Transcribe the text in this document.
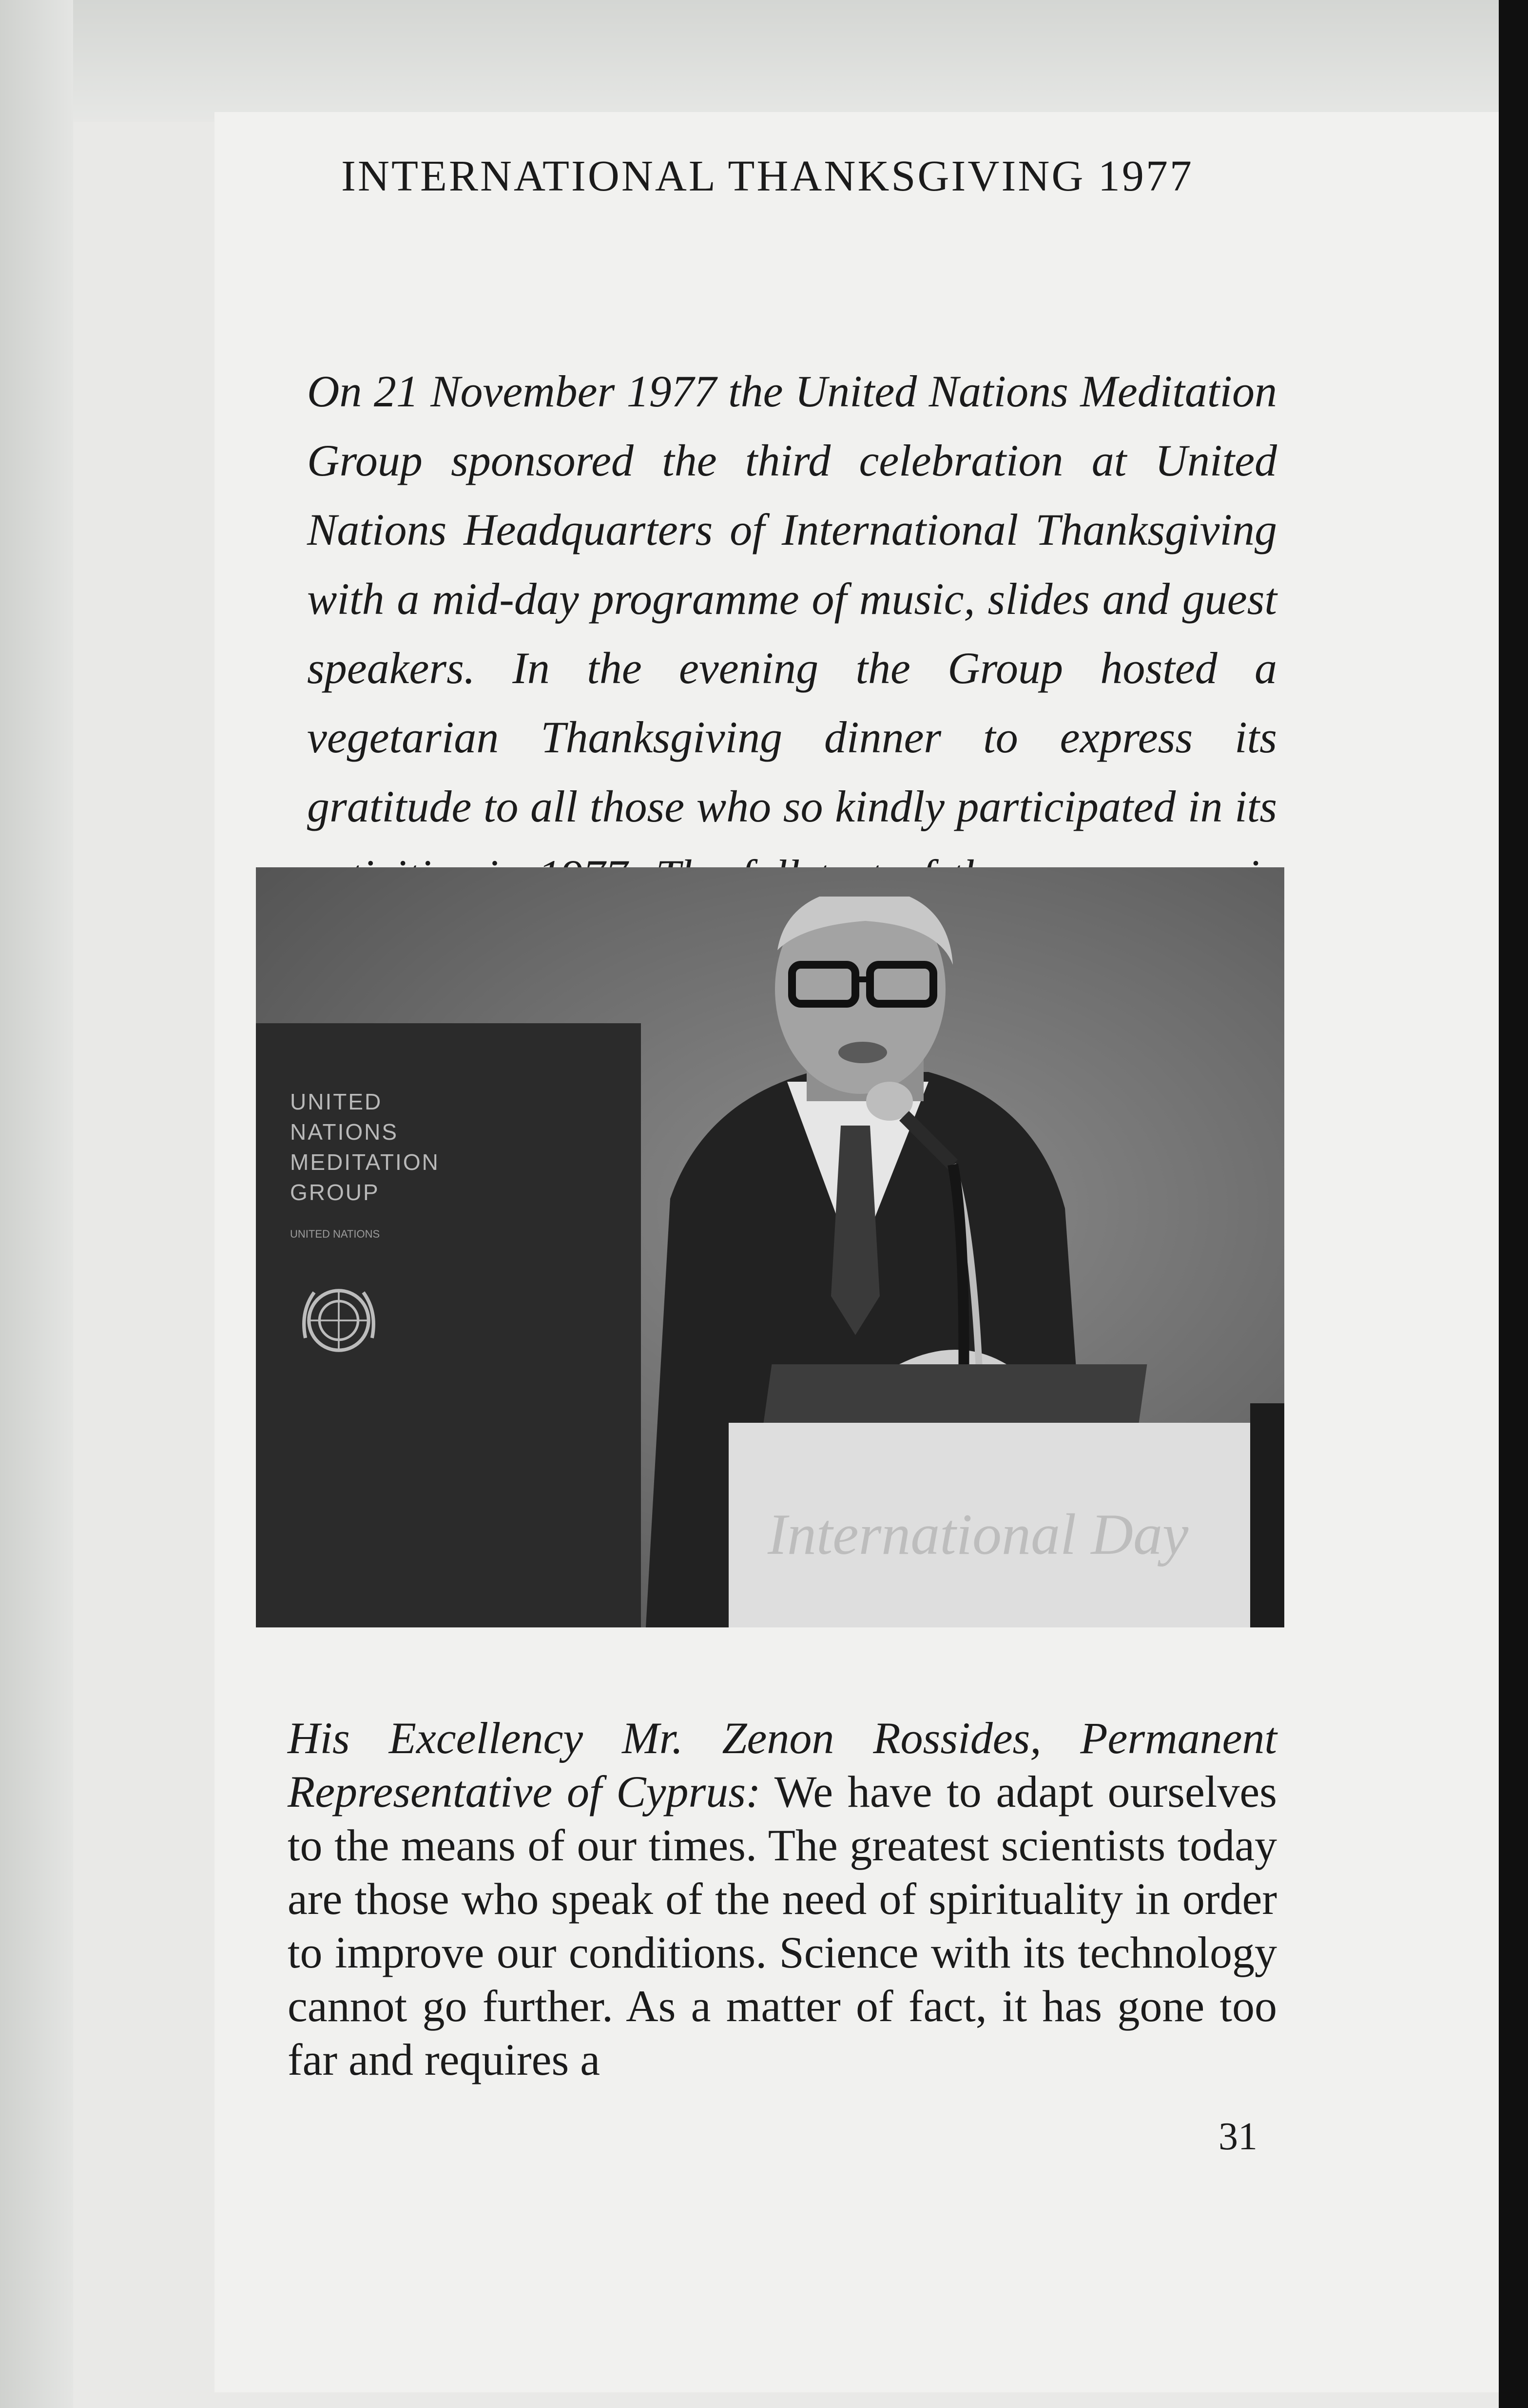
INTERNATIONAL THANKSGIVING 1977

On 21 November 1977 the United Nations Meditation Group sponsored the third celebration at United Nations Headquarters of International Thanksgiving with a mid-day programme of music, slides and guest speakers. In the evening the Group hosted a vegetarian Thanksgiving dinner to express its gratitude to all those who so kindly participated in its

UNITED
NATIONS
MEDITATION
GROUP
UNITED NATIONS
International Day

His Excellency Mr. Zenon Rossides, Permanent Representative of Cyprus: We have to adapt ourselves to the means of our times. The greatest scientists today are those who speak of the need of spirituality in order to improve our conditions. Science with its technology cannot go further. As a matter of fact, it has gone too far and requires a

31
